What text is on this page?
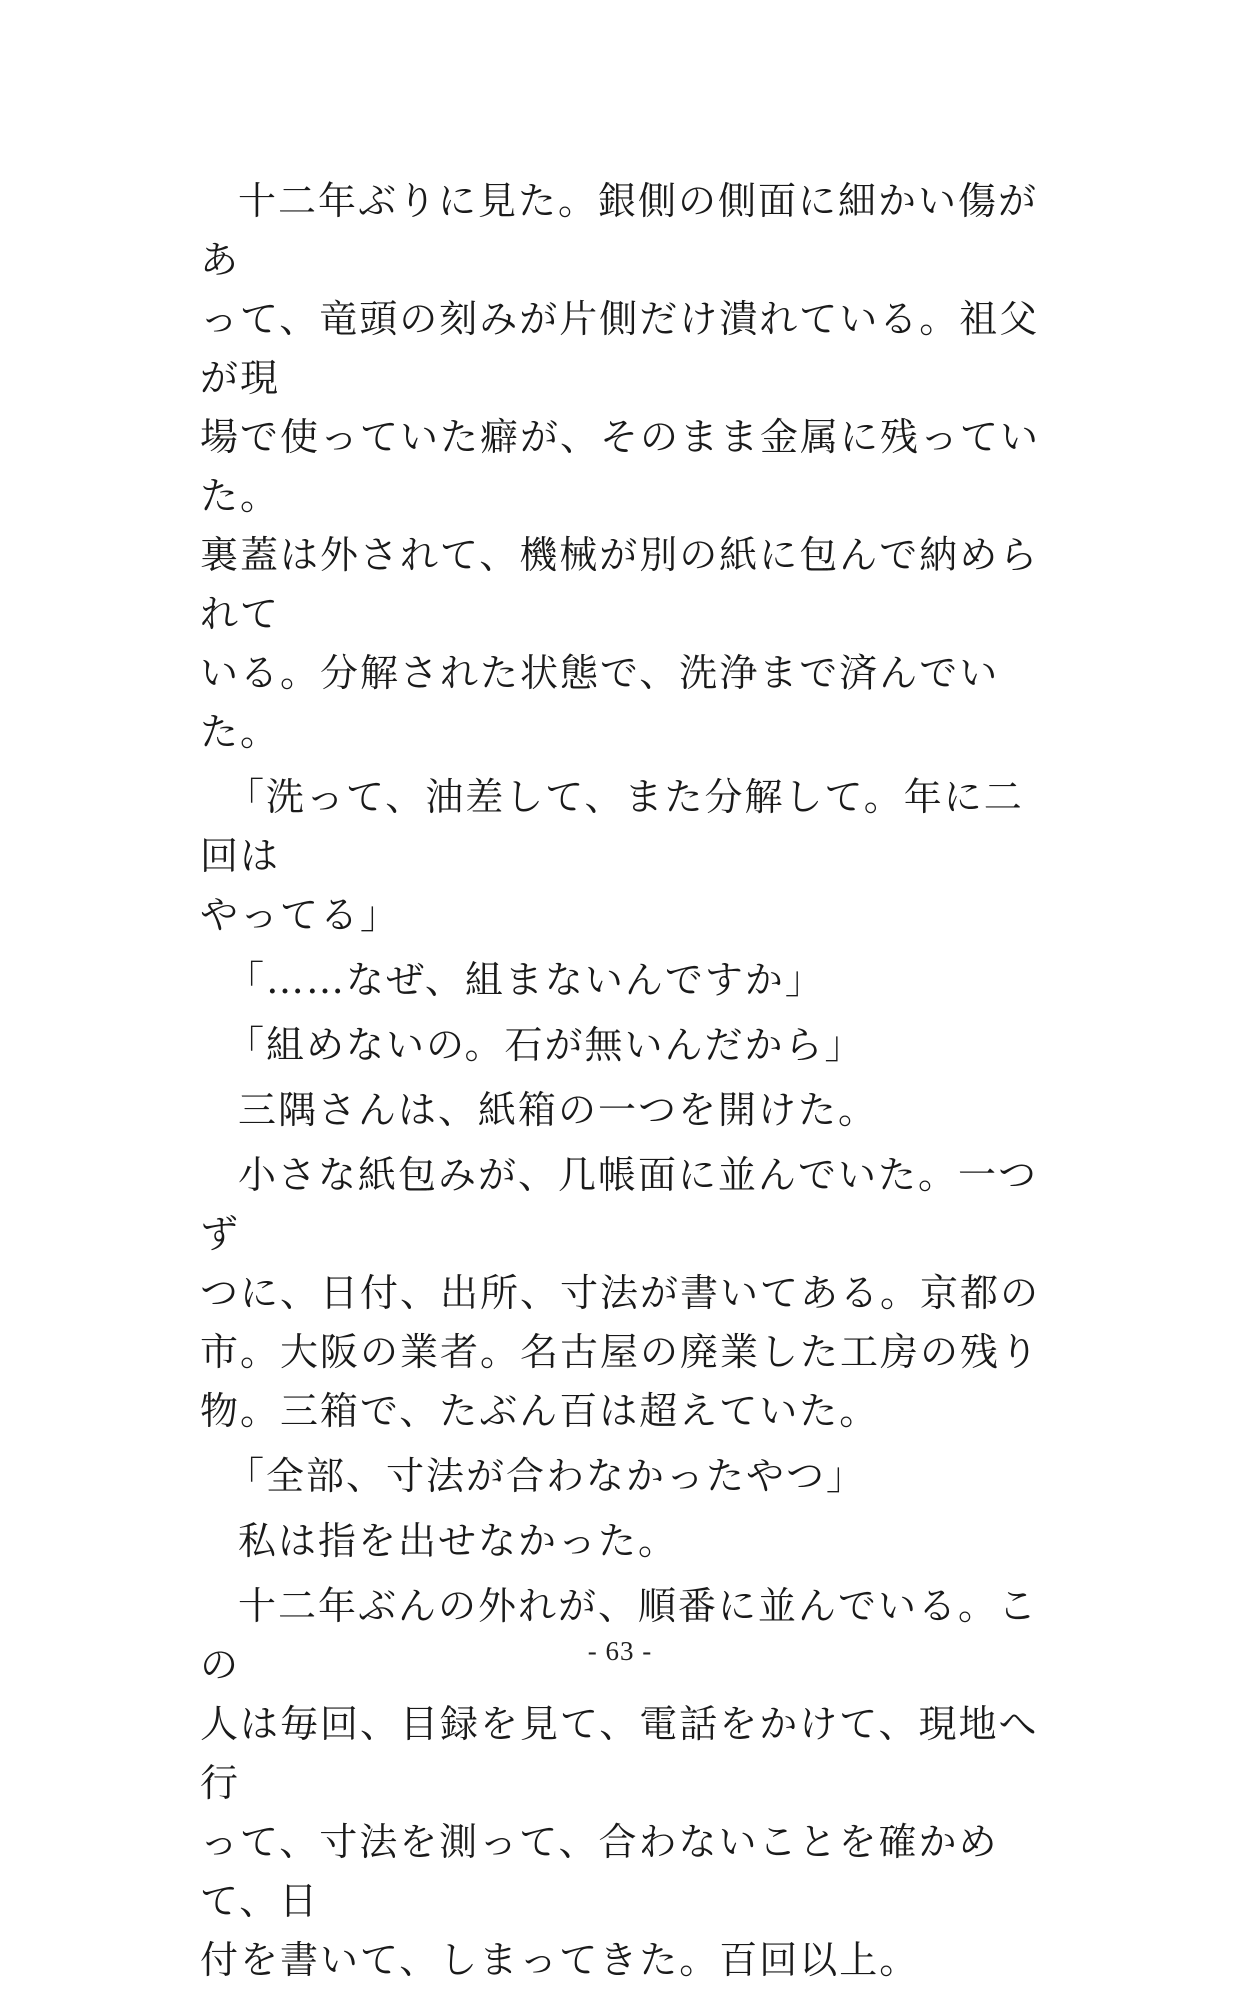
十二年ぶりに見た。銀側の側面に細かい傷があ
って、竜頭の刻みが片側だけ潰れている。祖父が現
場で使っていた癖が、そのまま金属に残っていた。
裏蓋は外されて、機械が別の紙に包んで納められて
いる。分解された状態で、洗浄まで済んでいた。

「洗って、油差して、また分解して。年に二回は
やってる」

「……なぜ、組まないんですか」

「組めないの。石が無いんだから」

三隅さんは、紙箱の一つを開けた。

小さな紙包みが、几帳面に並んでいた。一つず
つに、日付、出所、寸法が書いてある。京都の
市。大阪の業者。名古屋の廃業した工房の残り
物。三箱で、たぶん百は超えていた。

「全部、寸法が合わなかったやつ」

私は指を出せなかった。

十二年ぶんの外れが、順番に並んでいる。この
人は毎回、目録を見て、電話をかけて、現地へ行
って、寸法を測って、合わないことを確かめて、日
付を書いて、しまってきた。百回以上。

- 63 -
